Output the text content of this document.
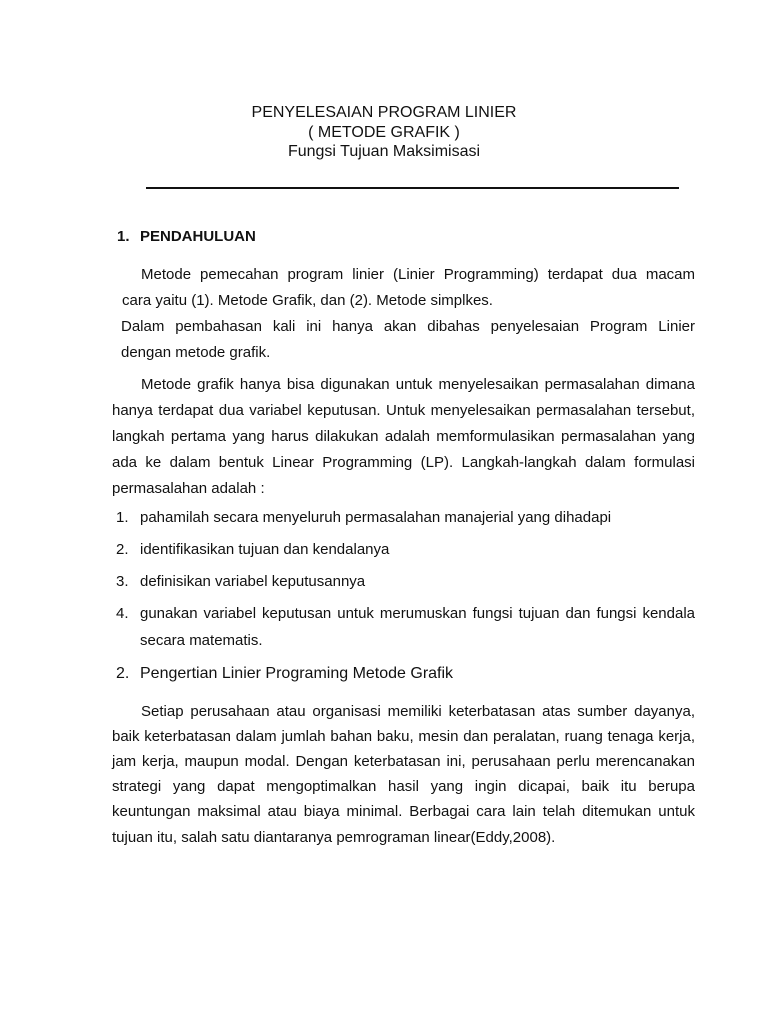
PENYELESAIAN PROGRAM LINIER
( METODE GRAFIK )
Fungsi Tujuan Maksimisasi
1. PENDAHULUAN
Metode pemecahan program linier (Linier Programming) terdapat dua macam
cara yaitu (1). Metode Grafik, dan (2). Metode simplkes.
Dalam pembahasan kali ini hanya akan dibahas penyelesaian Program Linier
dengan metode grafik.
Metode grafik hanya bisa digunakan untuk menyelesaikan permasalahan dimana
hanya terdapat dua variabel keputusan. Untuk menyelesaikan permasalahan tersebut,
langkah pertama yang harus dilakukan adalah memformulasikan permasalahan yang
ada ke dalam bentuk Linear Programming (LP). Langkah-langkah dalam formulasi
permasalahan adalah :
1. pahamilah secara menyeluruh permasalahan manajerial yang dihadapi
2. identifikasikan tujuan dan kendalanya
3. definisikan variabel keputusannya
4. gunakan variabel keputusan untuk merumuskan fungsi tujuan dan fungsi kendala
secara matematis.
2. Pengertian Linier Programing Metode Grafik
Setiap perusahaan atau organisasi memiliki keterbatasan atas sumber dayanya,
baik keterbatasan dalam jumlah bahan baku, mesin dan peralatan, ruang tenaga kerja,
jam kerja, maupun modal. Dengan keterbatasan ini, perusahaan perlu merencanakan
strategi yang dapat mengoptimalkan hasil yang ingin dicapai, baik itu berupa
keuntungan maksimal atau biaya minimal. Berbagai cara lain telah ditemukan untuk
tujuan itu, salah satu diantaranya pemrograman linear(Eddy,2008).
